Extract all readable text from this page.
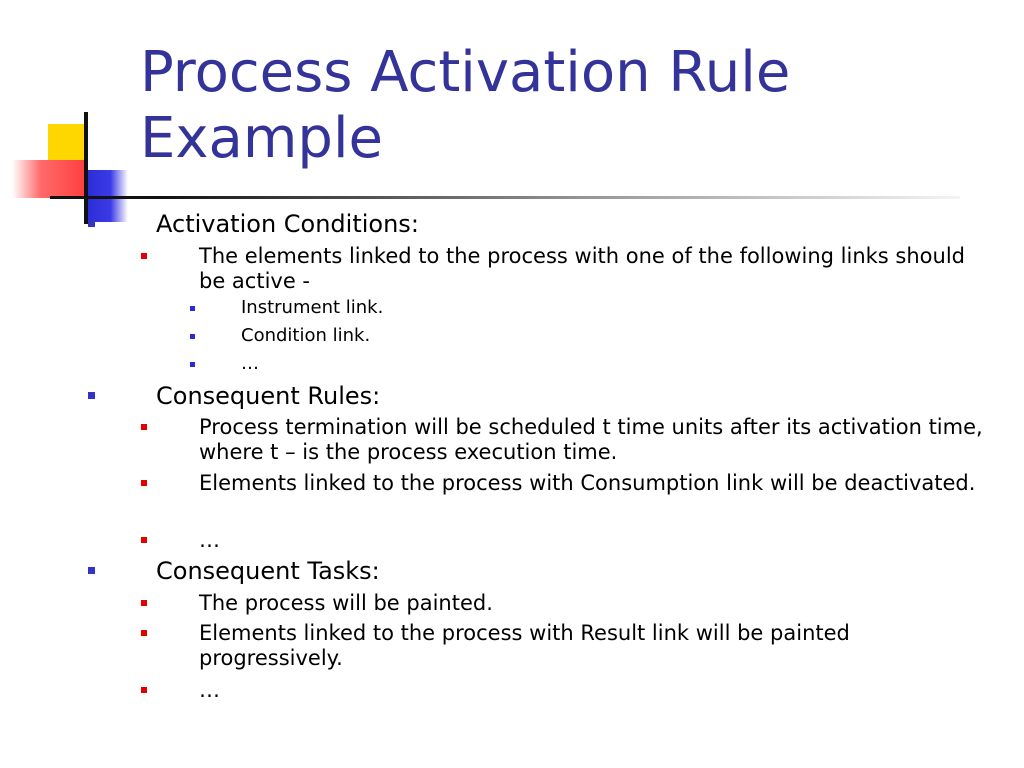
Process Activation Rule
Example
Activation Conditions:
The elements linked to the process with one of the following links should be active -
Instrument link.
Condition link.
…
Consequent Rules:
Process termination will be scheduled t time units after its activation time, where t – is the process execution time.
Elements linked to the process with Consumption link will be deactivated.
…
Consequent Tasks:
The process will be painted.
Elements linked to the process with Result link will be painted progressively.
…
